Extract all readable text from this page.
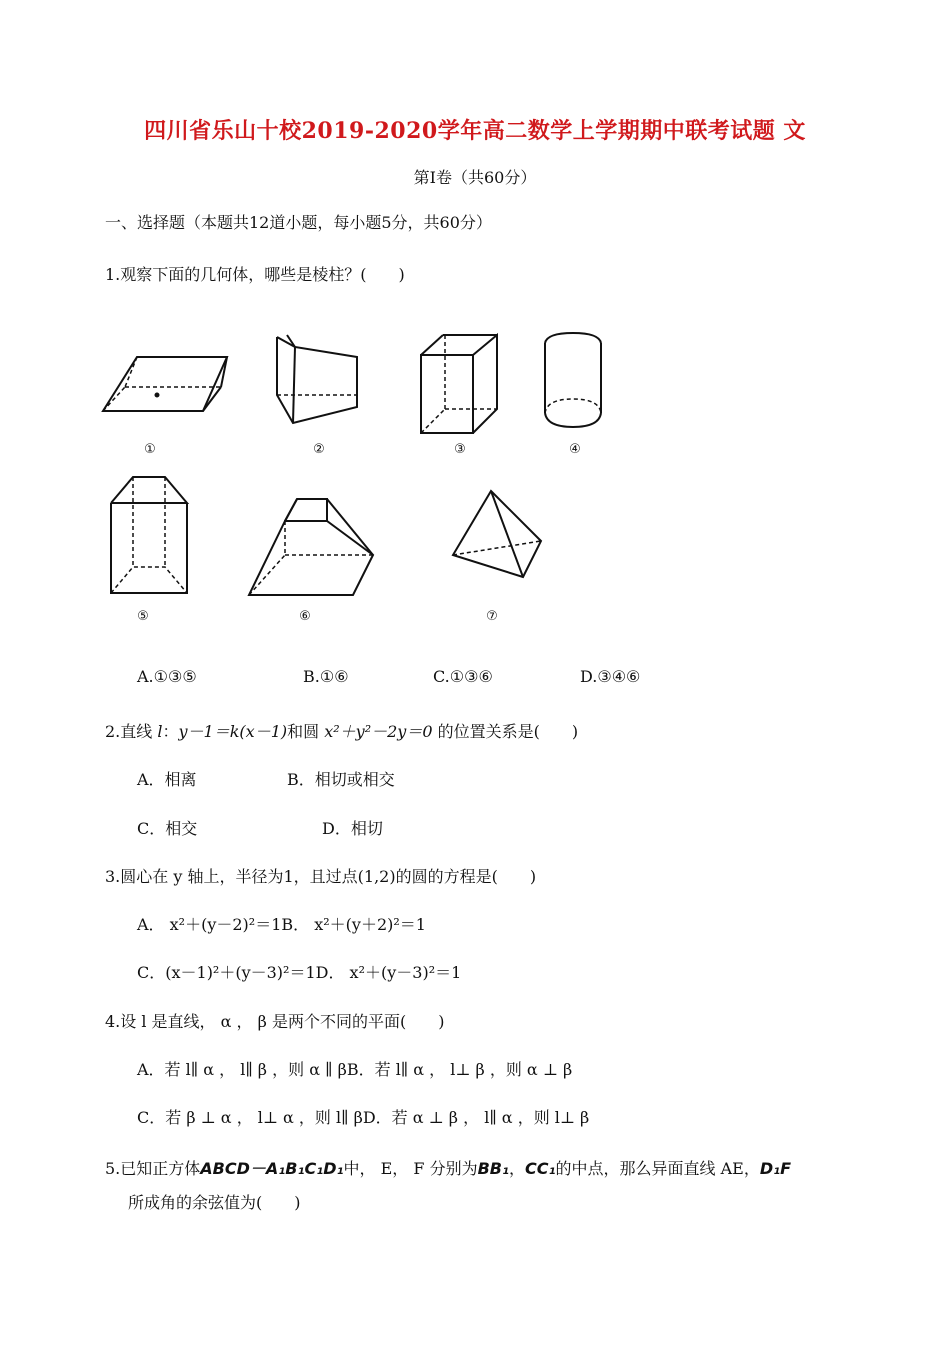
四川省乐山十校2019-2020学年高二数学上学期期中联考试题 文
第Ⅰ卷（共60分）
一、选择题（本题共12道小题，每小题5分，共60分）
1.观察下面的几何体，哪些是棱柱？(　　)
①	②	③	④
⑤	⑥	⑦
A.①③⑤	B.①⑥	C.①③⑥	D.③④⑥
2.直线 l：y－1＝k(x－1)和圆 x²＋y²－2y＝0 的位置关系是(　　)
A．相离	B．相切或相交
C．相交	D．相切
3.圆心在 y 轴上，半径为1，且过点(1,2)的圆的方程是(　　)
A． x²＋(y－2)²＝1B． x²＋(y＋2)²＝1
C．(x－1)²＋(y－3)²＝1D． x²＋(y－3)²＝1
4.设 l 是直线， α ， β 是两个不同的平面(　　)
A．若 l∥ α ， l∥ β ，则 α ∥ βB．若 l∥ α ， l⊥ β ，则 α ⊥ β
C．若 β ⊥ α ， l⊥ α ，则 l∥ βD．若 α ⊥ β ， l∥ α ，则 l⊥ β
5.已知正方体ABCD－A₁B₁C₁D₁中， E， F 分别为BB₁，CC₁的中点，那么异面直线 AE，D₁F
所成角的余弦值为(　　)
